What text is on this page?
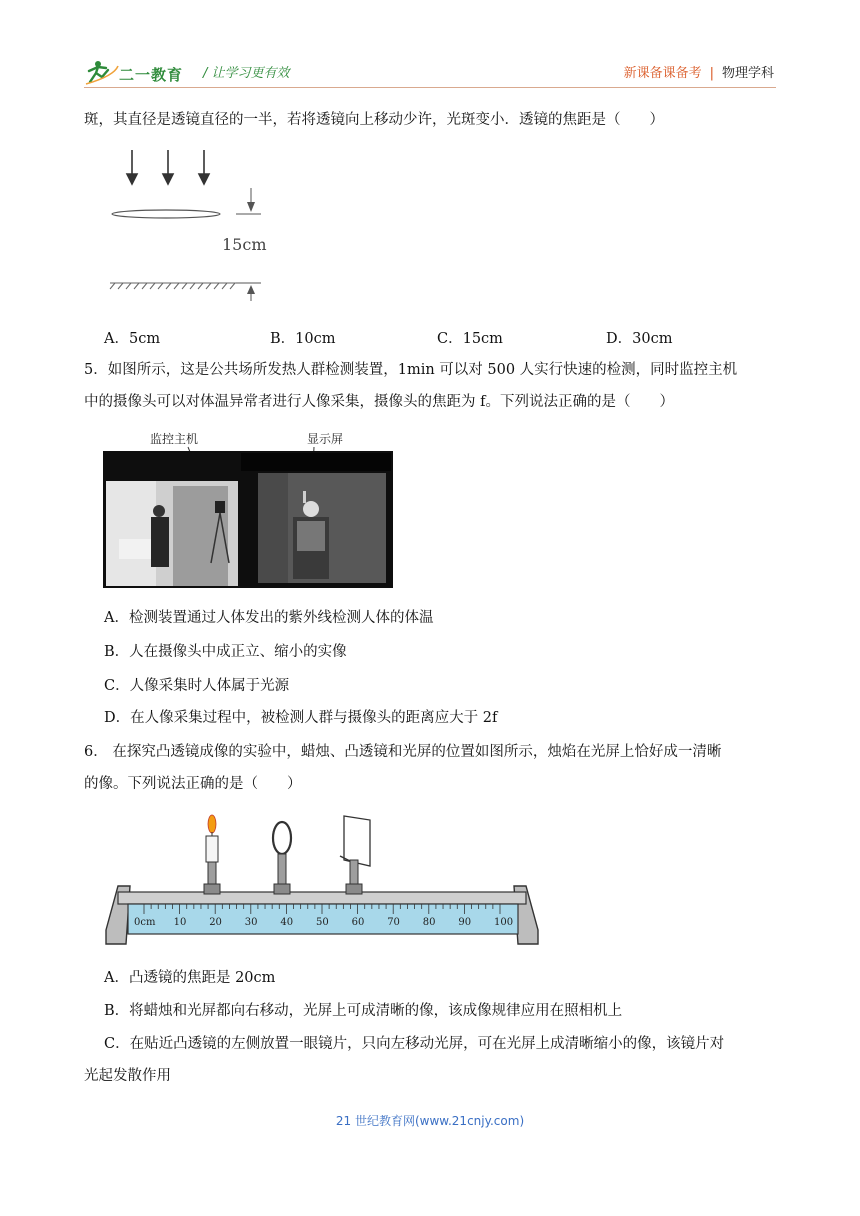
二一教育 / 让学习更有效	新课备课备考 | 物理学科
斑，其直径是透镜直径的一半，若将透镜向上移动少许，光斑变小．透镜的焦距是（　　）
15cm
A．5cm	B．10cm	C．15cm	D．30cm
5．如图所示，这是公共场所发热人群检测装置，1min 可以对 500 人实行快速的检测，同时监控主机
中的摄像头可以对体温异常者进行人像采集，摄像头的焦距为 f。下列说法正确的是（　　）
监控主机	显示屏
A．检测装置通过人体发出的紫外线检测人体的体温
B．人在摄像头中成正立、缩小的实像
C．人像采集时人体属于光源
D．在人像采集过程中，被检测人群与摄像头的距离应大于 2f
6． 在探究凸透镜成像的实验中，蜡烛、凸透镜和光屏的位置如图所示，烛焰在光屏上恰好成一清晰
的像。下列说法正确的是（　　）
0cm 10 20 30 40 50 60 70 80 90 100
A．凸透镜的焦距是 20cm
B．将蜡烛和光屏都向右移动，光屏上可成清晰的像，该成像规律应用在照相机上
C．在贴近凸透镜的左侧放置一眼镜片，只向左移动光屏，可在光屏上成清晰缩小的像，该镜片对
光起发散作用
21 世纪教育网(www.21cnjy.com)
